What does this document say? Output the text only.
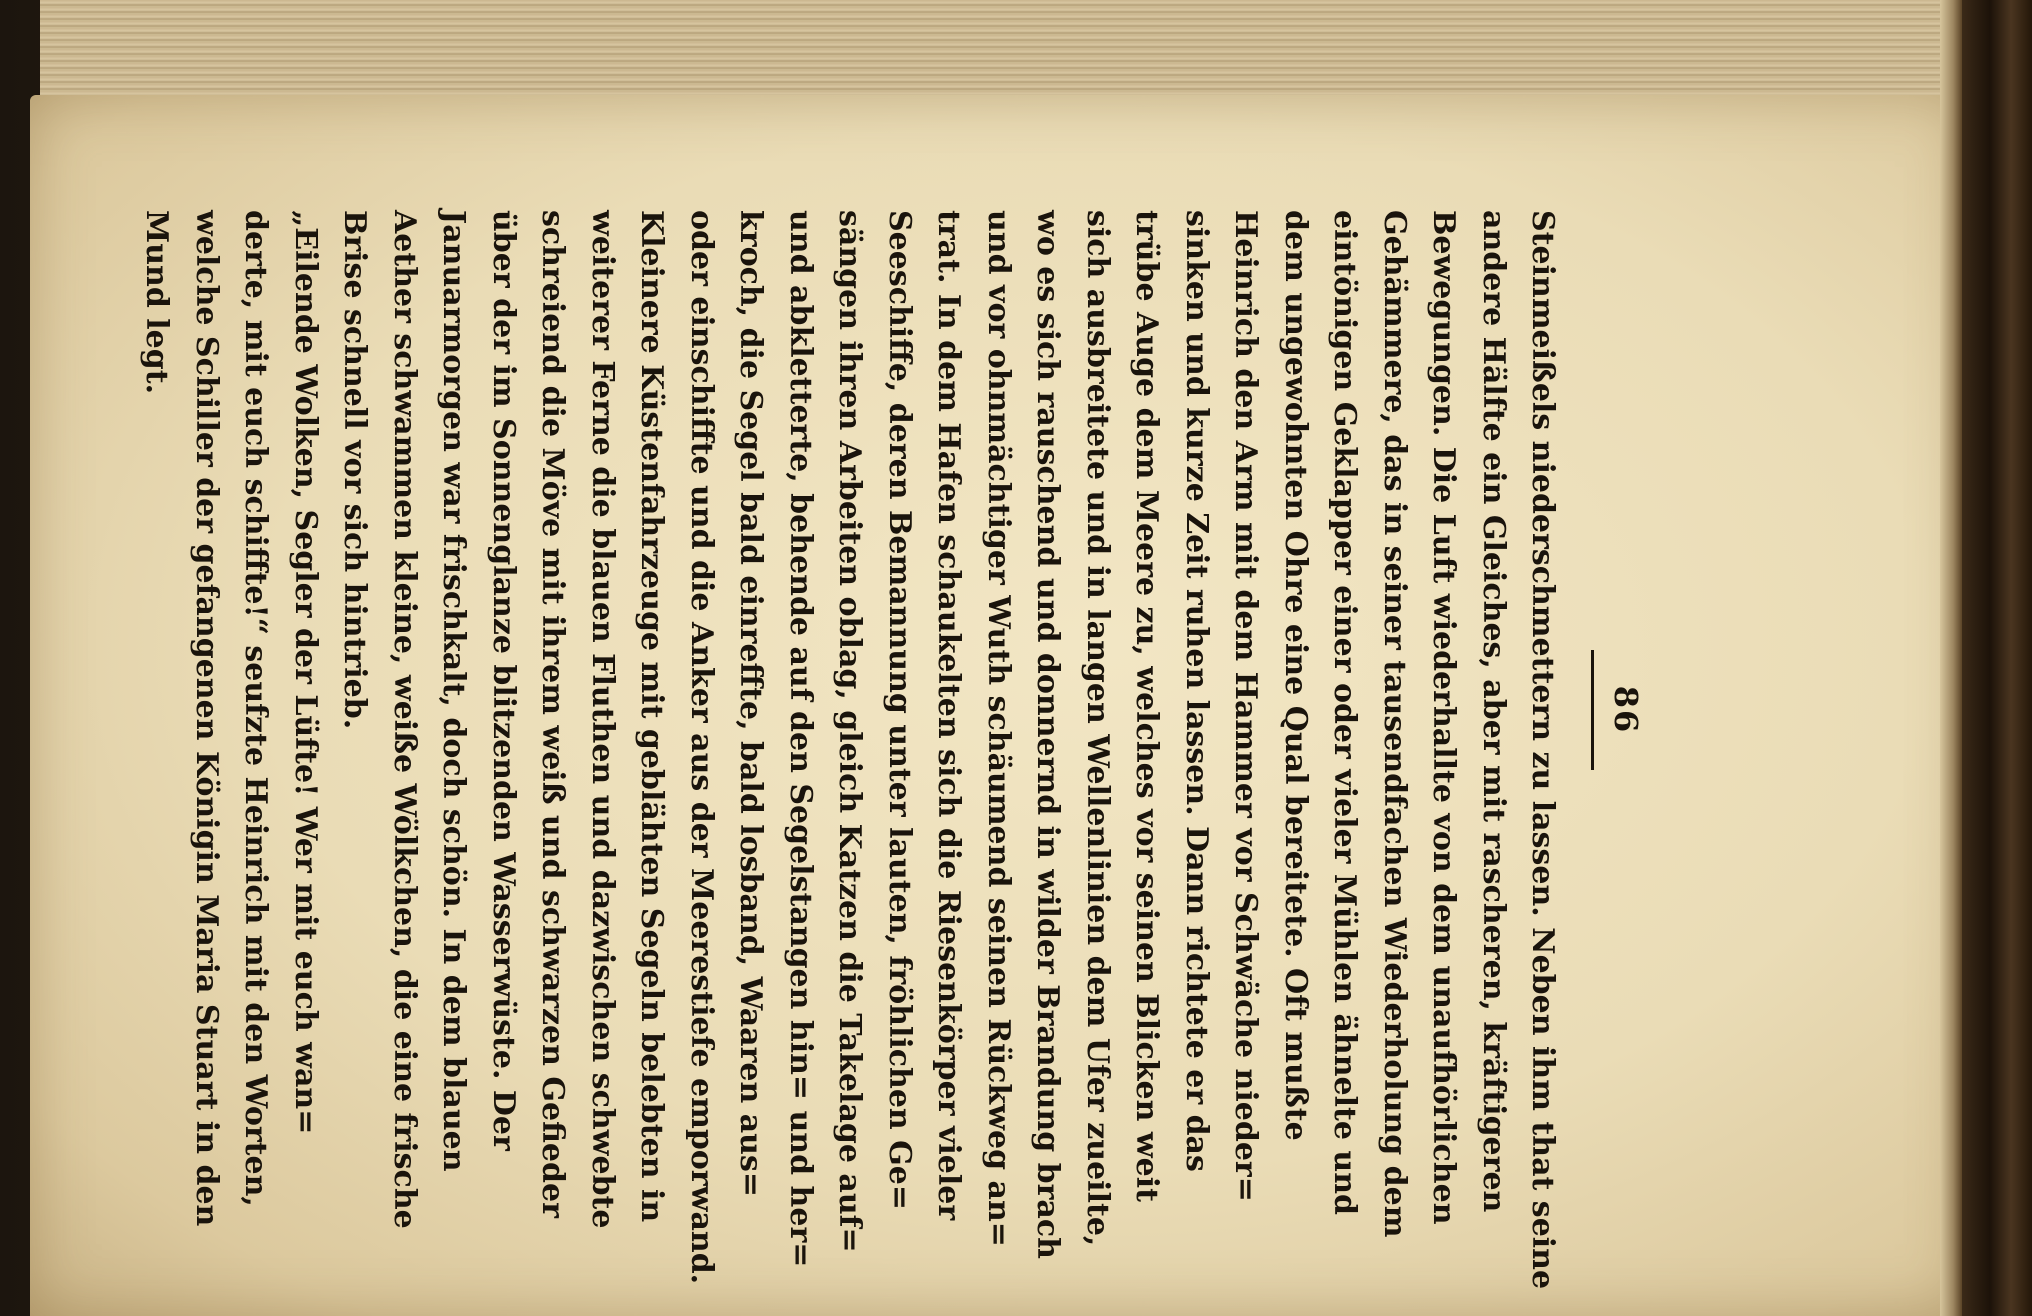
86
Steinmeißels niederschmettern zu lassen. Neben ihm that seine
andere Hälfte ein Gleiches, aber mit rascheren, kräftigeren
Bewegungen. Die Luft wiederhallte von dem unaufhörlichen
Gehämmere, das in seiner tausendfachen Wiederholung dem
eintönigen Geklapper einer oder vieler Mühlen ähnelte und
dem ungewohnten Ohre eine Qual bereitete. Oft mußte
Heinrich den Arm mit dem Hammer vor Schwäche nieder=
sinken und kurze Zeit ruhen lassen. Dann richtete er das
trübe Auge dem Meere zu, welches vor seinen Blicken weit
sich ausbreitete und in langen Wellenlinien dem Ufer zueilte,
wo es sich rauschend und donnernd in wilder Brandung brach
und vor ohnmächtiger Wuth schäumend seinen Rückweg an=
trat. In dem Hafen schaukelten sich die Riesenkörper vieler
Seeschiffe, deren Bemannung unter lauten, fröhlichen Ge=
sängen ihren Arbeiten oblag, gleich Katzen die Takelage auf=
und abkletterte, behende auf den Segelstangen hin= und her=
kroch, die Segel bald einreffte, bald losband, Waaren aus=
oder einschiffte und die Anker aus der Meerestiefe emporwand.
Kleinere Küstenfahrzeuge mit geblähten Segeln belebten in
weiterer Ferne die blauen Fluthen und dazwischen schwebte
schreiend die Möve mit ihrem weiß und schwarzen Gefieder
über der im Sonnenglanze blitzenden Wasserwüste. Der
Januarmorgen war frischkalt, doch schön. In dem blauen
Aether schwammen kleine, weiße Wölkchen, die eine frische
Brise schnell vor sich hintrieb.
„Eilende Wolken, Segler der Lüfte! Wer mit euch wan=
derte, mit euch schiffte!“ seufzte Heinrich mit den Worten,
welche Schiller der gefangenen Königin Maria Stuart in den
Mund legt.
